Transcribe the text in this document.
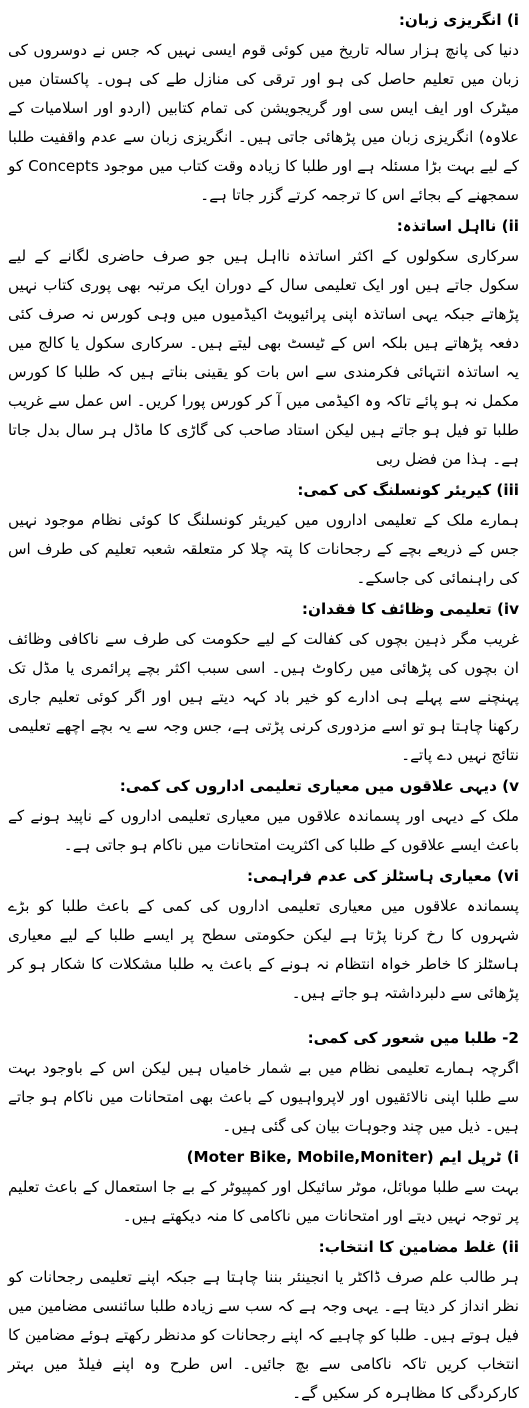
i) انگریزی زبان:
دنیا کی پانچ ہزار سالہ تاریخ میں کوئی قوم ایسی نہیں کہ جس نے دوسروں کی زبان میں تعلیم حاصل کی ہو اور ترقی کی منازل طے کی ہوں۔ پاکستان میں میٹرک اور ایف ایس سی اور گریجویشن کی تمام کتابیں (اردو اور اسلامیات کے علاوہ) انگریزی زبان میں پڑھائی جاتی ہیں۔ انگریزی زبان سے عدم واقفیت طلبا کے لیے بہت بڑا مسئلہ ہے اور طلبا کا زیادہ وقت کتاب میں موجود Concepts کو سمجھنے کے بجائے اس کا ترجمہ کرتے گزر جاتا ہے۔
ii) نااہل اساتذہ:
سرکاری سکولوں کے اکثر اساتذہ نااہل ہیں جو صرف حاضری لگانے کے لیے سکول جاتے ہیں اور ایک تعلیمی سال کے دوران ایک مرتبہ بھی پوری کتاب نہیں پڑھاتے جبکہ یہی اساتذہ اپنی پرائیویٹ اکیڈمیوں میں وہی کورس نہ صرف کئی دفعہ پڑھاتے ہیں بلکہ اس کے ٹیسٹ بھی لیتے ہیں۔ سرکاری سکول یا کالج میں یہ اساتذہ انتہائی فکرمندی سے اس بات کو یقینی بناتے ہیں کہ طلبا کا کورس مکمل نہ ہو پائے تاکہ وہ اکیڈمی میں آ کر کورس پورا کریں۔ اس عمل سے غریب طلبا تو فیل ہو جاتے ہیں لیکن استاد صاحب کی گاڑی کا ماڈل ہر سال بدل جاتا ہے۔ ہذا من فضل ربی
iii) کیریئر کونسلنگ کی کمی:
ہمارے ملک کے تعلیمی اداروں میں کیریئر کونسلنگ کا کوئی نظام موجود نہیں جس کے ذریعے بچے کے رجحانات کا پتہ چلا کر متعلقہ شعبہ تعلیم کی طرف اس کی راہنمائی کی جاسکے۔
iv) تعلیمی وظائف کا فقدان:
غریب مگر ذہین بچوں کی کفالت کے لیے حکومت کی طرف سے ناکافی وظائف ان بچوں کی پڑھائی میں رکاوٹ ہیں۔ اسی سبب اکثر بچے پرائمری یا مڈل تک پہنچنے سے پہلے ہی ادارے کو خیر باد کہہ دیتے ہیں اور اگر کوئی تعلیم جاری رکھنا چاہتا ہو تو اسے مزدوری کرنی پڑتی ہے، جس وجہ سے یہ بچے اچھے تعلیمی نتائج نہیں دے پاتے۔
v) دیہی علاقوں میں معیاری تعلیمی اداروں کی کمی:
ملک کے دیہی اور پسماندہ علاقوں میں معیاری تعلیمی اداروں کے ناپید ہونے کے باعث ایسے علاقوں کے طلبا کی اکثریت امتحانات میں ناکام ہو جاتی ہے۔
vi) معیاری ہاسٹلز کی عدم فراہمی:
پسماندہ علاقوں میں معیاری تعلیمی اداروں کی کمی کے باعث طلبا کو بڑے شہروں کا رخ کرنا پڑتا ہے لیکن حکومتی سطح پر ایسے طلبا کے لیے معیاری ہاسٹلز کا خاطر خواہ انتظام نہ ہونے کے باعث یہ طلبا مشکلات کا شکار ہو کر پڑھائی سے دلبرداشتہ ہو جاتے ہیں۔
2- طلبا میں شعور کی کمی:
اگرچہ ہمارے تعلیمی نظام میں بے شمار خامیاں ہیں لیکن اس کے باوجود بہت سے طلبا اپنی نالائقیوں اور لاپرواہیوں کے باعث بھی امتحانات میں ناکام ہو جاتے ہیں۔ ذیل میں چند وجوہات بیان کی گئی ہیں۔
i) ٹرپل ایم (Moter Bike, Mobile,Moniter)
بہت سے طلبا موبائل، موٹر سائیکل اور کمپیوٹر کے بے جا استعمال کے باعث تعلیم پر توجہ نہیں دیتے اور امتحانات میں ناکامی کا منہ دیکھتے ہیں۔
ii) غلط مضامین کا انتخاب:
ہر طالب علم صرف ڈاکٹر یا انجینئر بننا چاہتا ہے جبکہ اپنے تعلیمی رجحانات کو نظر انداز کر دیتا ہے۔ یہی وجہ ہے کہ سب سے زیادہ طلبا سائنسی مضامین میں فیل ہوتے ہیں۔ طلبا کو چاہیے کہ اپنے رجحانات کو مدنظر رکھتے ہوئے مضامین کا انتخاب کریں تاکہ ناکامی سے بچ جائیں۔ اس طرح وہ اپنے فیلڈ میں بہتر کارکردگی کا مظاہرہ کر سکیں گے۔
